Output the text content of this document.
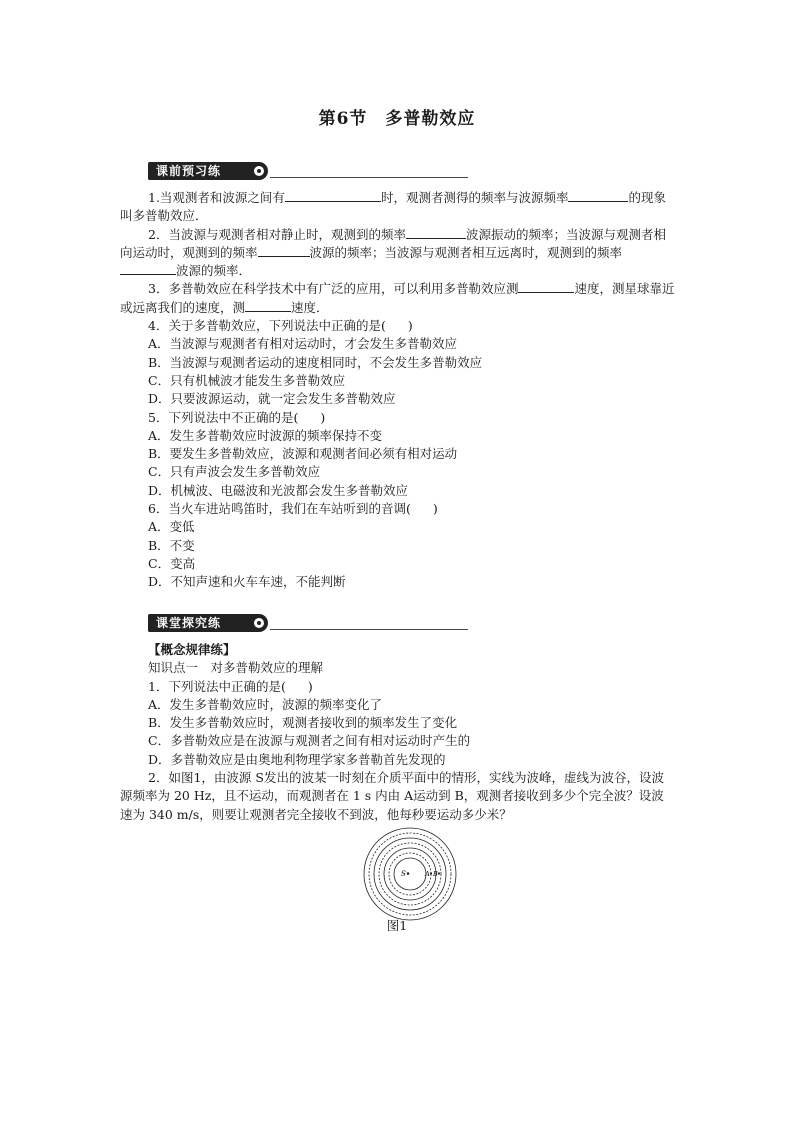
第6节 多普勒效应
课前预习练

1.当观测者和波源之间有	时，观测者测得的频率与波源频率	的现象叫多普勒效应．

2．当波源与观测者相对静止时，观测到的频率	波源振动的频率；当波源与观测者相向运动时，观测到的频率	波源的频率；当波源与观测者相互远离时，观测到的频率波源的频率．

3．多普勒效应在科学技术中有广泛的应用，可以利用多普勒效应测	速度，测星球靠近或远离我们的速度，测	速度．

4．关于多普勒效应，下列说法中正确的是( )

A．当波源与观测者有相对运动时，才会发生多普勒效应

B．当波源与观测者运动的速度相同时，不会发生多普勒效应

C．只有机械波才能发生多普勒效应

D．只要波源运动，就一定会发生多普勒效应

5．下列说法中不正确的是( )

A．发生多普勒效应时波源的频率保持不变

B．要发生多普勒效应，波源和观测者间必须有相对运动

C．只有声波会发生多普勒效应

D．机械波、电磁波和光波都会发生多普勒效应

6．当火车进站鸣笛时，我们在车站听到的音调( )

A．变低

B．不变

C．变高

D．不知声速和火车车速，不能判断

课堂探究练

【概念规律练】

知识点一　对多普勒效应的理解

1．下列说法中正确的是( )

A．发生多普勒效应时，波源的频率变化了

B．发生多普勒效应时，观测者接收到的频率发生了变化

C．多普勒效应是在波源与观测者之间有相对运动时产生的

D．多普勒效应是由奥地利物理学家多普勒首先发现的

2．如图1，由波源 S发出的波某一时刻在介质平面中的情形，实线为波峰，虚线为波谷，设波源频率为 20 Hz，且不运动，而观测者在 1 s 内由 A运动到 B，观测者接收到多少个完全波？设波速为 340 m/s，则要让观测者完全接收不到波，他每秒要运动多少米？

S	A B
图1
